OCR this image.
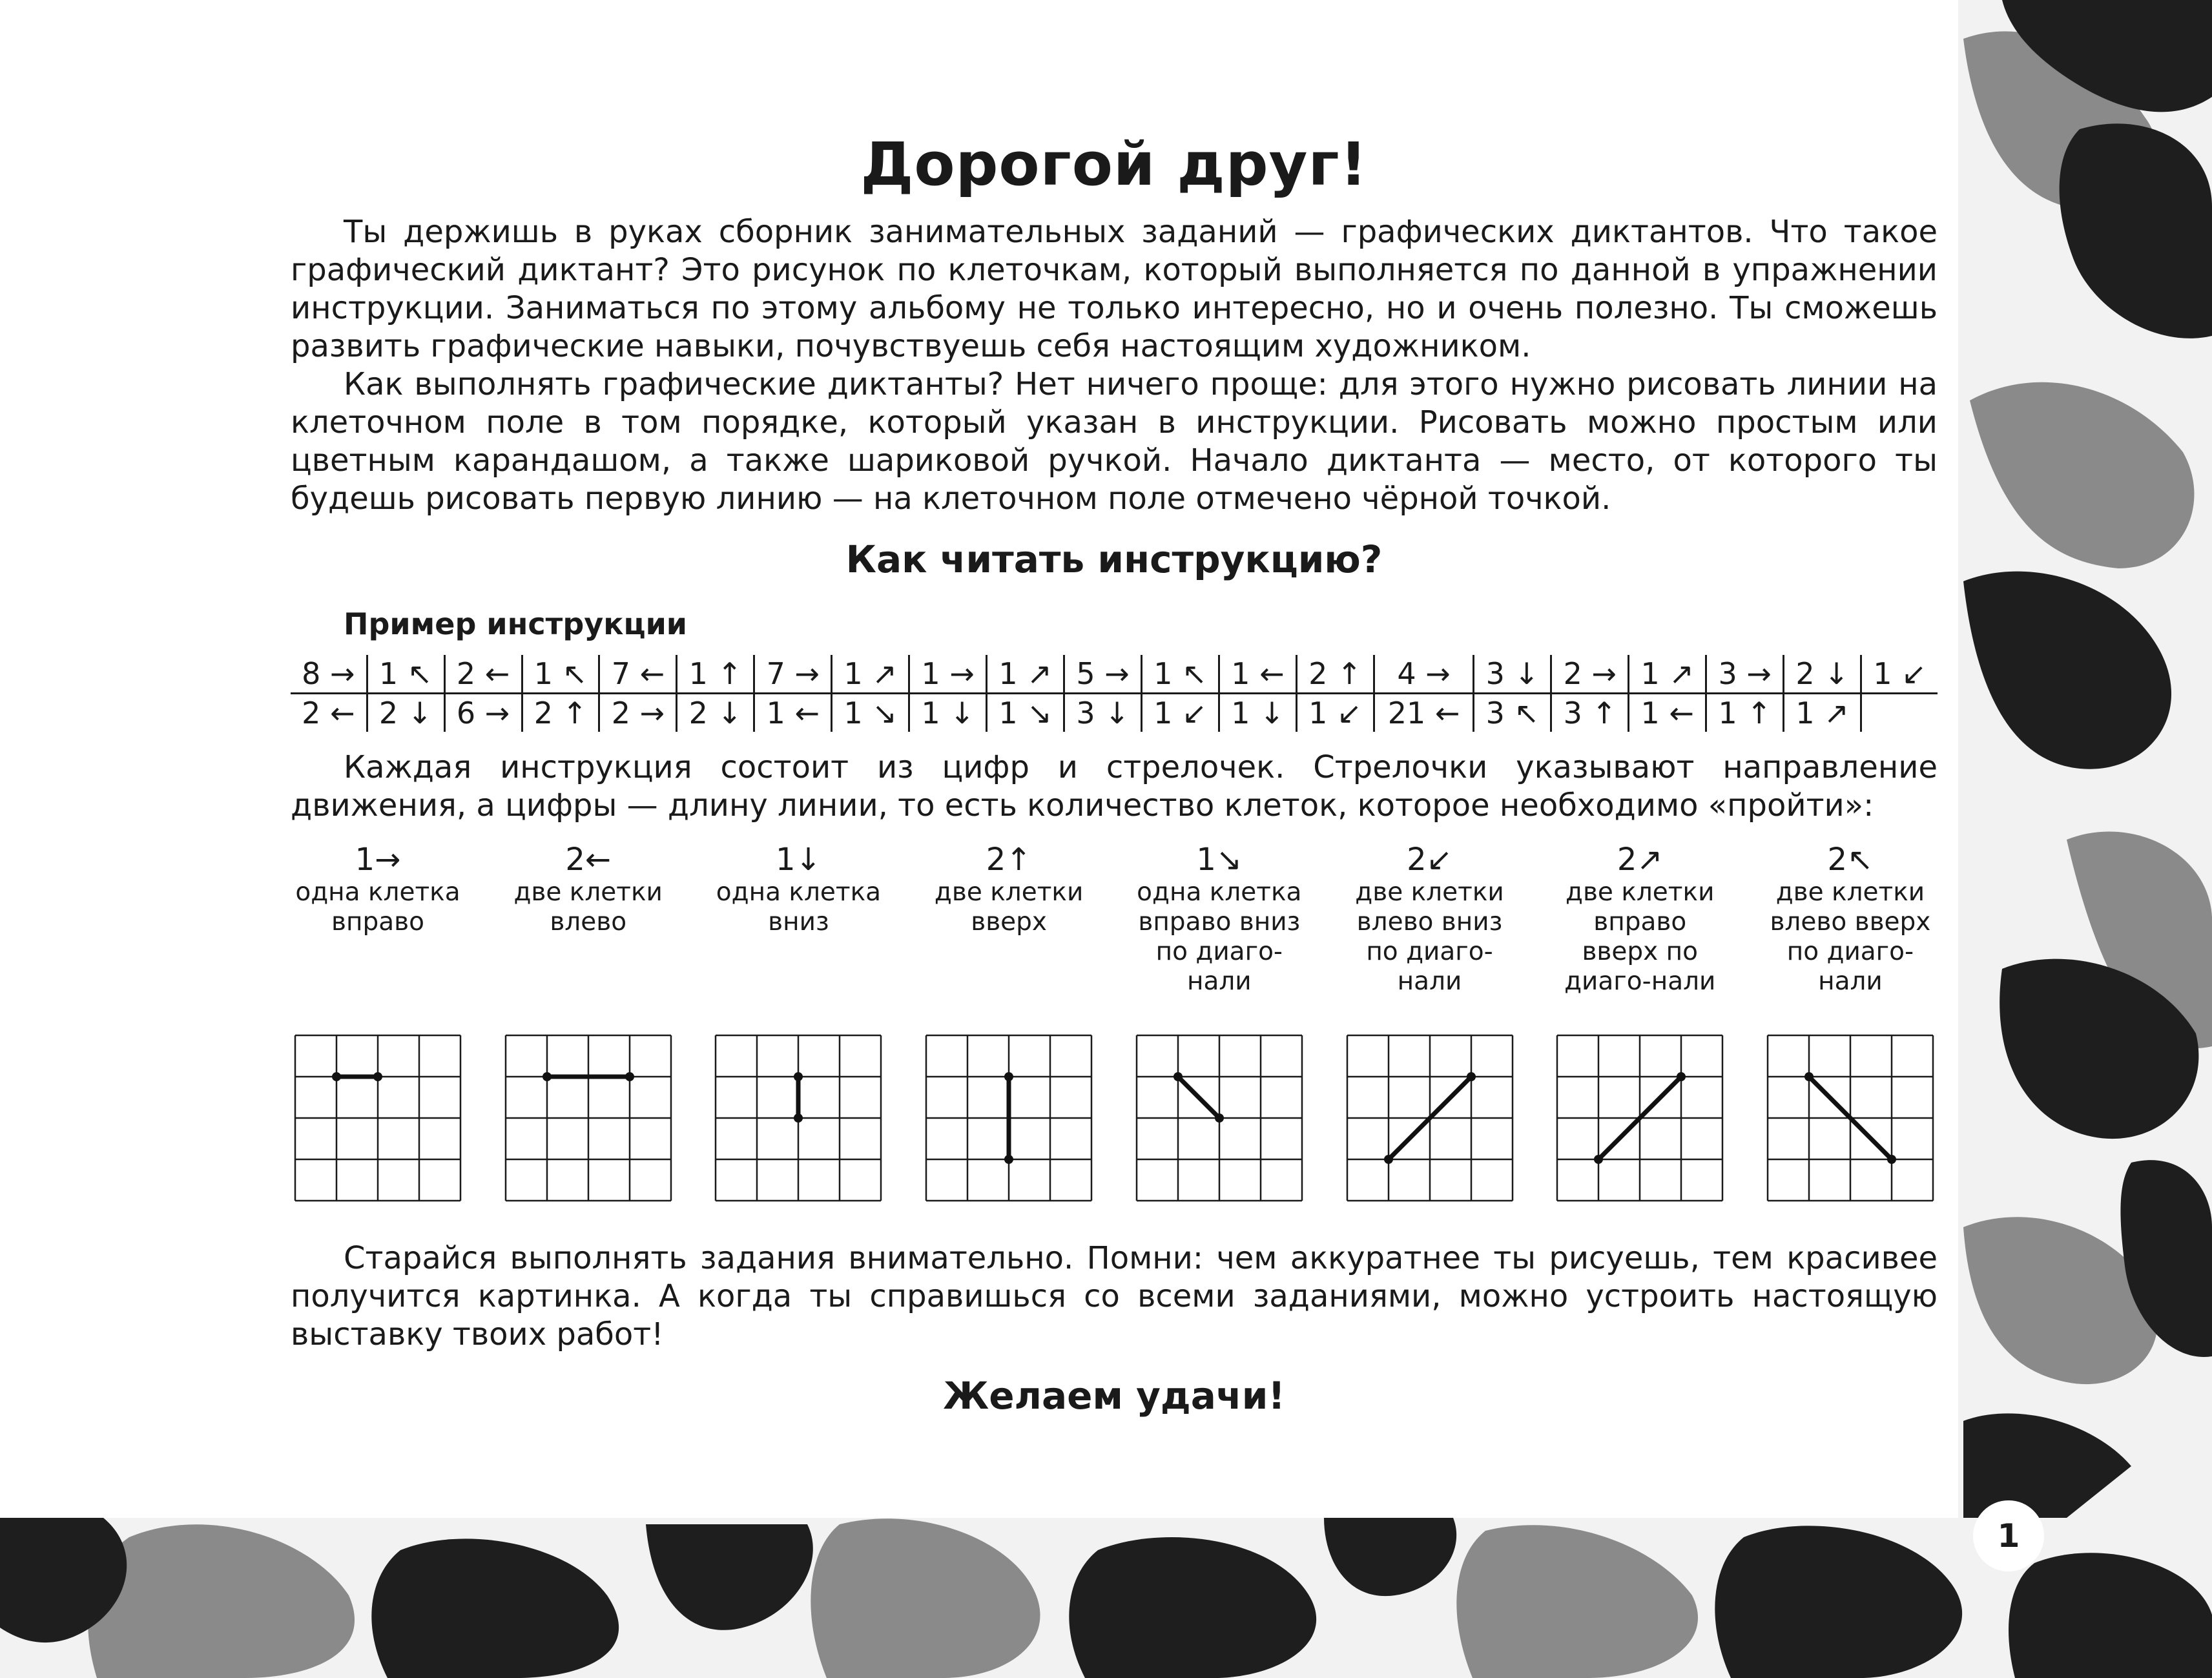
Дорогой друг!

Ты держишь в руках сборник занимательных заданий — графических диктантов. Что такое графический диктант? Это рисунок по клеточкам, который выполняется по данной в упражнении инструкции. Заниматься по этому альбому не только интересно, но и очень полезно. Ты сможешь развить графические навыки, почувствуешь себя настоящим художником.

Как выполнять графические диктанты? Нет ничего проще: для этого нужно рисовать линии на клеточном поле в том порядке, который указан в инструкции. Рисовать можно простым или цветным карандашом, а также шариковой ручкой. Начало диктанта — место, от которого ты будешь рисовать первую линию — на клеточном поле отмечено чёрной точкой.

Как читать инструкцию?
Пример инструкции
8 →	1 ↖	2 ←	1 ↖	7 ←	1 ↑	7 →	1 ↗	1 →	1 ↗	5 →	1 ↖	1 ←	2 ↑	4 →	3 ↓	2 →	1 ↗	3 →	2 ↓	1 ↙
2 ←	2 ↓	6 →	2 ↑	2 →	2 ↓	1 ←	1 ↘	1 ↓	1 ↘	3 ↓	1 ↙	1 ↓	1 ↙	21 ←	3 ↖	3 ↑	1 ←	1 ↑	1 ↗	

Каждая инструкция состоит из цифр и стрелочек. Стрелочки указывают направление движения, а цифры — длину линии, то есть количество клеток, которое необходимо «пройти»:

1→
одна клетка вправо
2←
две клетки влево
1↓
одна клетка вниз
2↑
две клетки вверх
1↘
одна клетка вправо вниз по диаго-нали
2↙
две клетки влево вниз по диаго-нали
2↗
две клетки вправо вверх по диаго-нали
2↖
две клетки влево вверх по диаго-нали

Старайся выполнять задания внимательно. Помни: чем аккуратнее ты рисуешь, тем красивее получится картинка. А когда ты справишься со всеми заданиями, можно устроить настоящую выставку твоих работ!

Желаем удачи!
1
